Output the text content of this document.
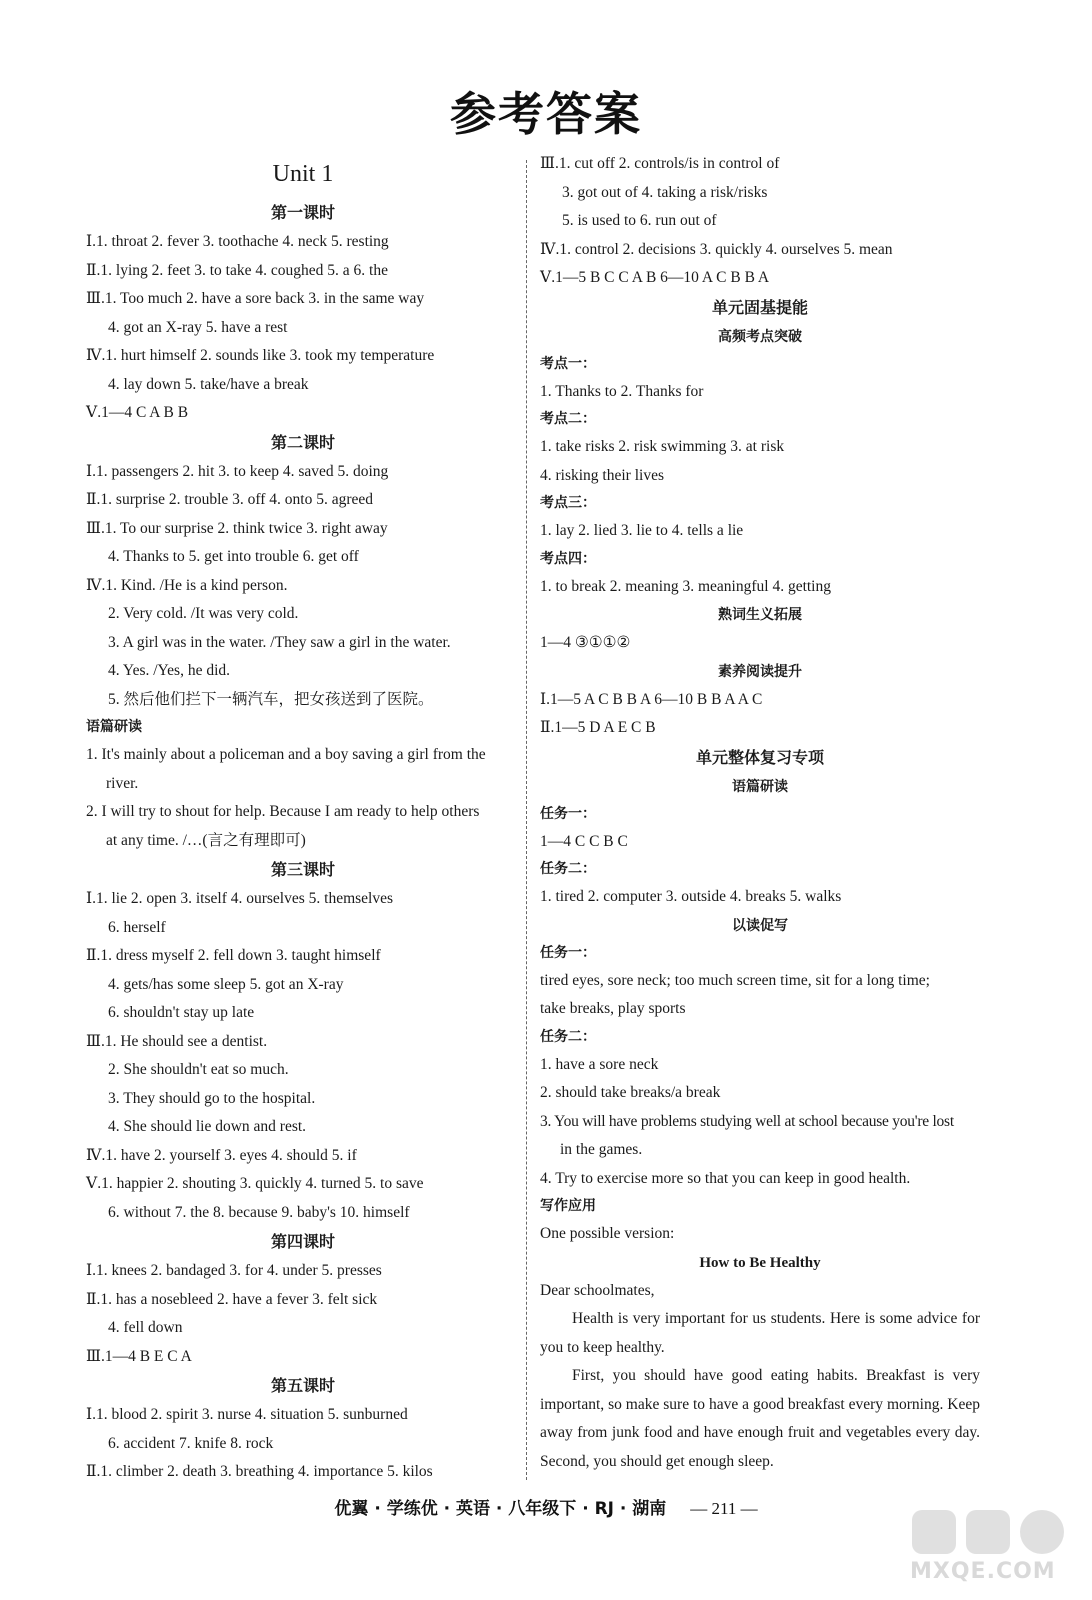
参考答案
Unit 1
第一课时
Ⅰ.1. throat 2. fever 3. toothache 4. neck 5. resting
Ⅱ.1. lying 2. feet 3. to take 4. coughed 5. a 6. the
Ⅲ.1. Too much 2. have a sore back 3. in the same way
4. got an X-ray 5. have a rest
Ⅳ.1. hurt himself 2. sounds like 3. took my temperature
4. lay down 5. take/have a break
Ⅴ.1—4 C A B B
第二课时
Ⅰ.1. passengers 2. hit 3. to keep 4. saved 5. doing
Ⅱ.1. surprise 2. trouble 3. off 4. onto 5. agreed
Ⅲ.1. To our surprise 2. think twice 3. right away
4. Thanks to 5. get into trouble 6. get off
Ⅳ.1. Kind. /He is a kind person.
2. Very cold. /It was very cold.
3. A girl was in the water. /They saw a girl in the water.
4. Yes. /Yes, he did.
5. 然后他们拦下一辆汽车，把女孩送到了医院。
语篇研读
1. It's mainly about a policeman and a boy saving a girl from the
river.
2. I will try to shout for help. Because I am ready to help others
at any time. /…(言之有理即可)
第三课时
Ⅰ.1. lie 2. open 3. itself 4. ourselves 5. themselves
6. herself
Ⅱ.1. dress myself 2. fell down 3. taught himself
4. gets/has some sleep 5. got an X-ray
6. shouldn't stay up late
Ⅲ.1. He should see a dentist.
2. She shouldn't eat so much.
3. They should go to the hospital.
4. She should lie down and rest.
Ⅳ.1. have 2. yourself 3. eyes 4. should 5. if
Ⅴ.1. happier 2. shouting 3. quickly 4. turned 5. to save
6. without 7. the 8. because 9. baby's 10. himself
第四课时
Ⅰ.1. knees 2. bandaged 3. for 4. under 5. presses
Ⅱ.1. has a nosebleed 2. have a fever 3. felt sick
4. fell down
Ⅲ.1—4 B E C A
第五课时
Ⅰ.1. blood 2. spirit 3. nurse 4. situation 5. sunburned
6. accident 7. knife 8. rock
Ⅱ.1. climber 2. death 3. breathing 4. importance 5. kilos
Ⅲ.1. cut off 2. controls/is in control of
3. got out of 4. taking a risk/risks
5. is used to 6. run out of
Ⅳ.1. control 2. decisions 3. quickly 4. ourselves 5. mean
Ⅴ.1—5 B C C A B 6—10 A C B B A
单元固基提能
高频考点突破
考点一：
1. Thanks to 2. Thanks for
考点二：
1. take risks 2. risk swimming 3. at risk
4. risking their lives
考点三：
1. lay 2. lied 3. lie to 4. tells a lie
考点四：
1. to break 2. meaning 3. meaningful 4. getting
熟词生义拓展
1—4 ③①①②
素养阅读提升
Ⅰ.1—5 A C B B A 6—10 B B A A C
Ⅱ.1—5 D A E C B
单元整体复习专项
语篇研读
任务一：
1—4 C C B C
任务二：
1. tired 2. computer 3. outside 4. breaks 5. walks
以读促写
任务一：
tired eyes, sore neck; too much screen time, sit for a long time;
take breaks, play sports
任务二：
1. have a sore neck
2. should take breaks/a break
3. You will have problems studying well at school because you're lost
in the games.
4. Try to exercise more so that you can keep in good health.
写作应用
One possible version:
How to Be Healthy
Dear schoolmates,
Health is very important for us students. Here is some advice for you to keep healthy.
First, you should have good eating habits. Breakfast is very important, so make sure to have a good breakfast every morning. Keep away from junk food and have enough fruit and vegetables every day. Second, you should get enough sleep.
优翼 · 学练优 · 英语 · 八年级下 · RJ · 湖南 — 211 —
MXQE.COM
